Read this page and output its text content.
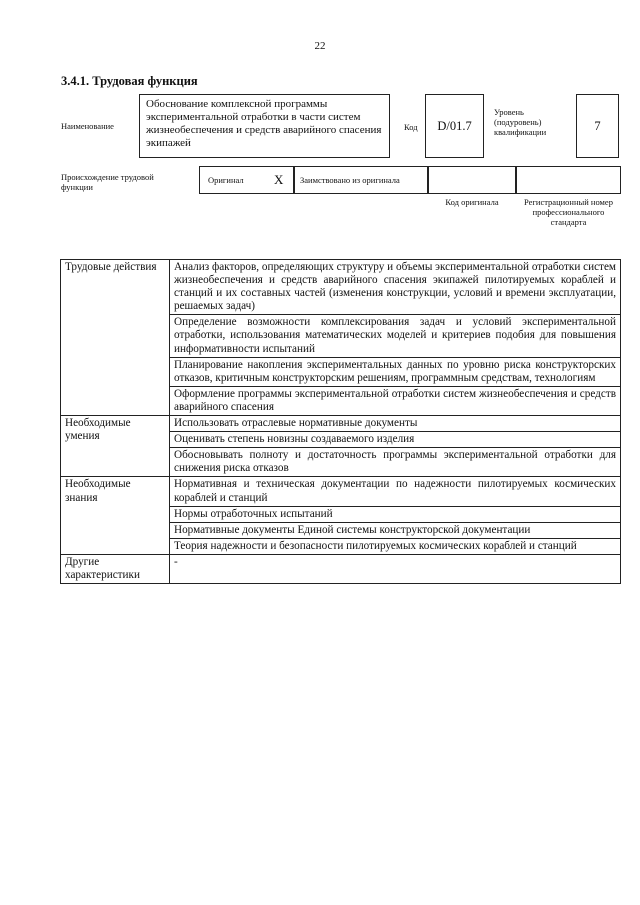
22
3.4.1. Трудовая функция
Наименование
Обоснование комплексной программы экспериментальной отработки в части систем жизнеобеспечения и средств аварийного спасения экипажей
Код	D/01.7
Уровень (подуровень) квалификации	7
Происхождение трудовой функции
Оригинал X Заимствовано из оригинала
Код оригинала	Регистрационный номер профессионального стандарта
Трудовые действия	Анализ факторов, определяющих структуру и объемы экспериментальной отработки систем жизнеобеспечения и средств аварийного спасения экипажей пилотируемых кораблей и станций и их составных частей (изменения конструкции, условий и времени эксплуатации, решаемых задач)
	Определение возможности комплексирования задач и условий экспериментальной отработки, использования математических моделей и критериев подобия для повышения информативности испытаний
	Планирование накопления экспериментальных данных по уровню риска конструкторских отказов, критичным конструкторским решениям, программным средствам, технологиям
	Оформление программы экспериментальной отработки систем жизнеобеспечения и средств аварийного спасения
Необходимые умения	Использовать отраслевые нормативные документы
	Оценивать степень новизны создаваемого изделия
	Обосновывать полноту и достаточность программы экспериментальной отработки для снижения риска отказов
Необходимые знания	Нормативная и техническая документации по надежности пилотируемых космических кораблей и станций
	Нормы отработочных испытаний
	Нормативные документы Единой системы конструкторской документации
	Теория надежности и безопасности пилотируемых космических кораблей и станций
Другие характеристики	-
